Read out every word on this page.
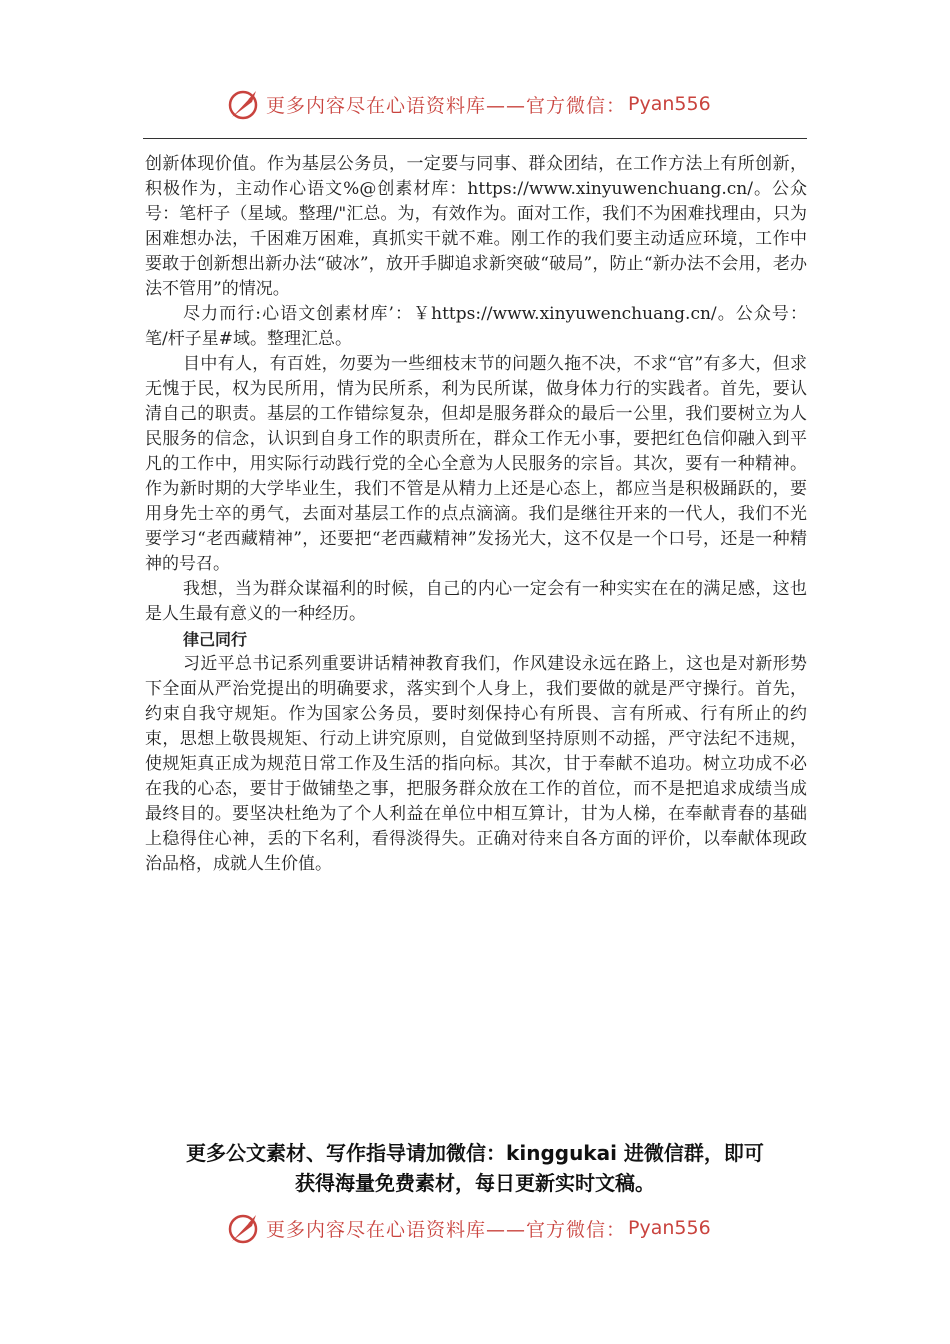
更多内容尽在心语资料库——官方微信： Pyan556

创新体现价值。作为基层公务员，一定要与同事、群众团结，在工作方法上有所创新，积极作为，主动作心语文%@创素材库：https://www.xinyuwenchuang.cn/。公众号：笔杆子（星域。整理/"汇总。为，有效作为。面对工作，我们不为困难找理由，只为困难想办法，千困难万困难，真抓实干就不难。刚工作的我们要主动适应环境，工作中要敢于创新想出新办法“破冰”，放开手脚追求新突破“破局”，防止“新办法不会用，老办法不管用”的情况。

尽力而行:心语文创素材库’：￥https://www.xinyuwenchuang.cn/。公众号：笔/杆子星#域。整理汇总。

目中有人，有百姓，勿要为一些细枝末节的问题久拖不决，不求“官”有多大，但求无愧于民，权为民所用，情为民所系，利为民所谋，做身体力行的实践者。首先，要认清自己的职责。基层的工作错综复杂，但却是服务群众的最后一公里，我们要树立为人民服务的信念，认识到自身工作的职责所在，群众工作无小事，要把红色信仰融入到平凡的工作中，用实际行动践行党的全心全意为人民服务的宗旨。其次，要有一种精神。作为新时期的大学毕业生，我们不管是从精力上还是心态上，都应当是积极踊跃的，要用身先士卒的勇气，去面对基层工作的点点滴滴。我们是继往开来的一代人，我们不光要学习“老西藏精神”，还要把“老西藏精神”发扬光大，这不仅是一个口号，还是一种精神的号召。

我想，当为群众谋福利的时候，自己的内心一定会有一种实实在在的满足感，这也是人生最有意义的一种经历。

律己同行

习近平总书记系列重要讲话精神教育我们，作风建设永远在路上，这也是对新形势下全面从严治党提出的明确要求，落实到个人身上，我们要做的就是严守操行。首先，约束自我守规矩。作为国家公务员，要时刻保持心有所畏、言有所戒、行有所止的约束，思想上敬畏规矩、行动上讲究原则，自觉做到坚持原则不动摇，严守法纪不违规，使规矩真正成为规范日常工作及生活的指向标。其次，甘于奉献不追功。树立功成不必在我的心态，要甘于做铺垫之事，把服务群众放在工作的首位，而不是把追求成绩当成最终目的。要坚决杜绝为了个人利益在单位中相互算计，甘为人梯，在奉献青春的基础上稳得住心神，丢的下名利，看得淡得失。正确对待来自各方面的评价，以奉献体现政治品格，成就人生价值。

更多公文素材、写作指导请加微信：kinggukai 进微信群，即可
获得海量免费素材，每日更新实时文稿。
更多内容尽在心语资料库——官方微信： Pyan556
